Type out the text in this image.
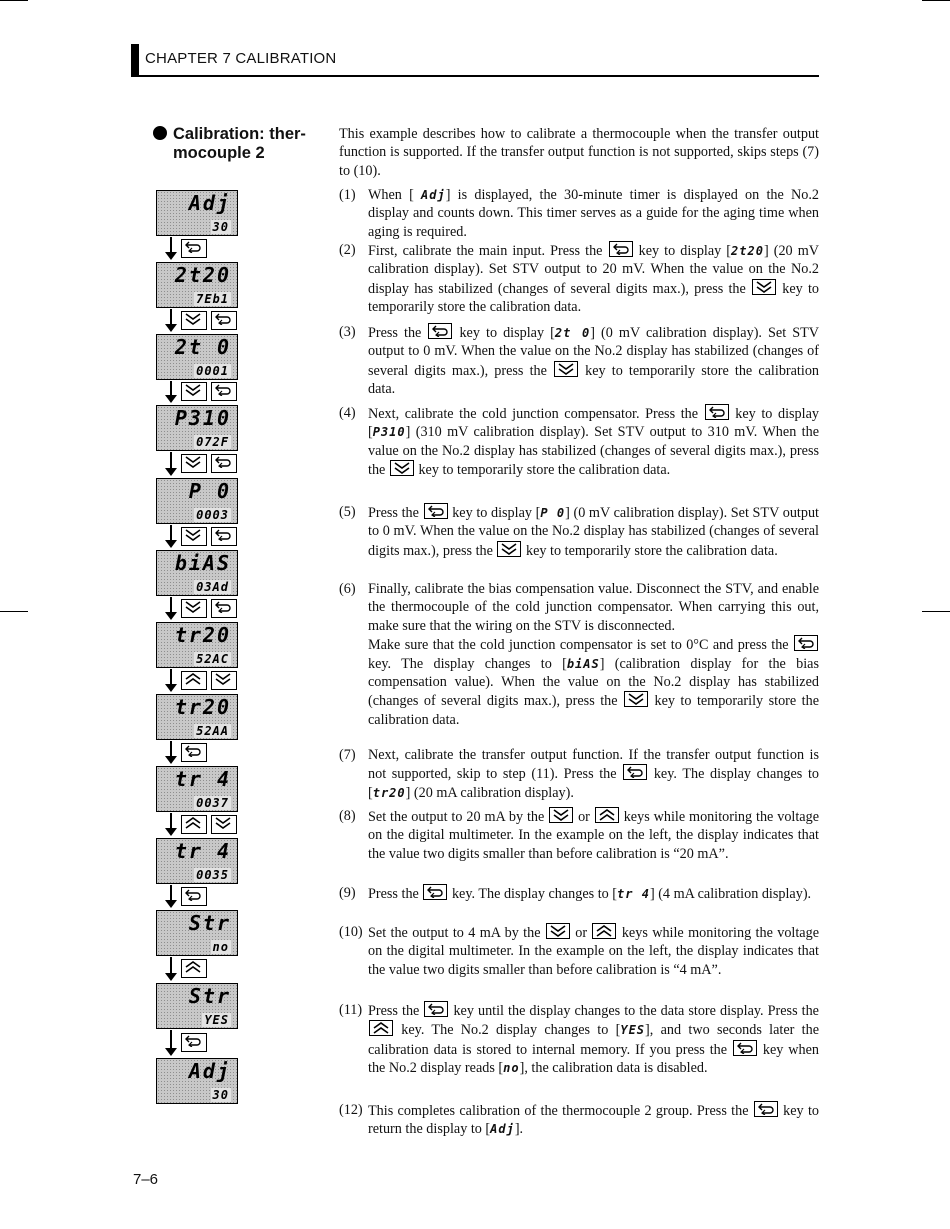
CHAPTER 7 CALIBRATION
Calibration: ther-
mocouple 2
This example describes how to calibrate a thermocouple when the transfer output function is supported. If the transfer output function is not supported, skips steps (7) to (10).
Adj
30
2t20
7Eb1
2t 0
0001
P310
072F
P 0
0003
biAS
03Ad
tr20
52AC
tr20
52AA
tr 4
0037
tr 4
0035
Str
no
Str
YES
Adj
30
(1) When [ Adj] is displayed, the 30-minute timer is displayed on the No.2 display and counts down. This timer serves as a guide for the aging time when aging is required.
(2) First, calibrate the main input. Press the
key to display [2t20] (20 mV calibration display). Set STV output to 20 mV. When the value on the No.2 display has stabilized (changes of several digits max.), press the
key to temporarily store the calibration data.
(3) Press the
key to display [2t 0] (0 mV calibration display). Set STV output to 0 mV. When the value on the No.2 display has stabilized (changes of several digits max.), press the
key to temporarily store the calibration data.
(4) Next, calibrate the cold junction compensator. Press the
key to display [P310] (310 mV calibration display). Set STV output to 310 mV. When the value on the No.2 display has stabilized (changes of several digits max.), press the
key to temporarily store the calibration data.
(5) Press the
key to display [P 0] (0 mV calibration display). Set STV output to 0 mV. When the value on the No.2 display has stabilized (changes of several digits max.), press the
key to temporarily store the calibration data.
(6) Finally, calibrate the bias compensation value. Disconnect the STV, and enable the thermocouple of the cold junction compensator. When carrying this out, make sure that the wiring on the STV is disconnected.
Make sure that the cold junction compensator is set to 0°C and press the
key. The display changes to [biAS] (calibration display for the bias compensation value). When the value on the No.2 display has stabilized (changes of several digits max.), press the
key to temporarily store the calibration data.
(7) Next, calibrate the transfer output function. If the transfer output function is not supported, skip to step (11). Press the
key. The display changes to [tr20] (20 mA calibration display).
(8) Set the output to 20 mA by the
or
keys while monitoring the voltage on the digital multimeter. In the example on the left, the display indicates that the value two digits smaller than before calibration is “20 mA”.
(9) Press the
key. The display changes to [tr 4] (4 mA calibration display).
(10) Set the output to 4 mA by the
or
keys while monitoring the voltage on the digital multimeter. In the example on the left, the display indicates that the value two digits smaller than before calibration is “4 mA”.
(11) Press the
key until the display changes to the data store display. Press the
key. The No.2 display changes to [YES], and two seconds later the calibration data is stored to internal memory. If you press the
key when the No.2 display reads [no], the calibration data is disabled.
(12) This completes calibration of the thermocouple 2 group. Press the
key to return the display to [Adj].
7–6
